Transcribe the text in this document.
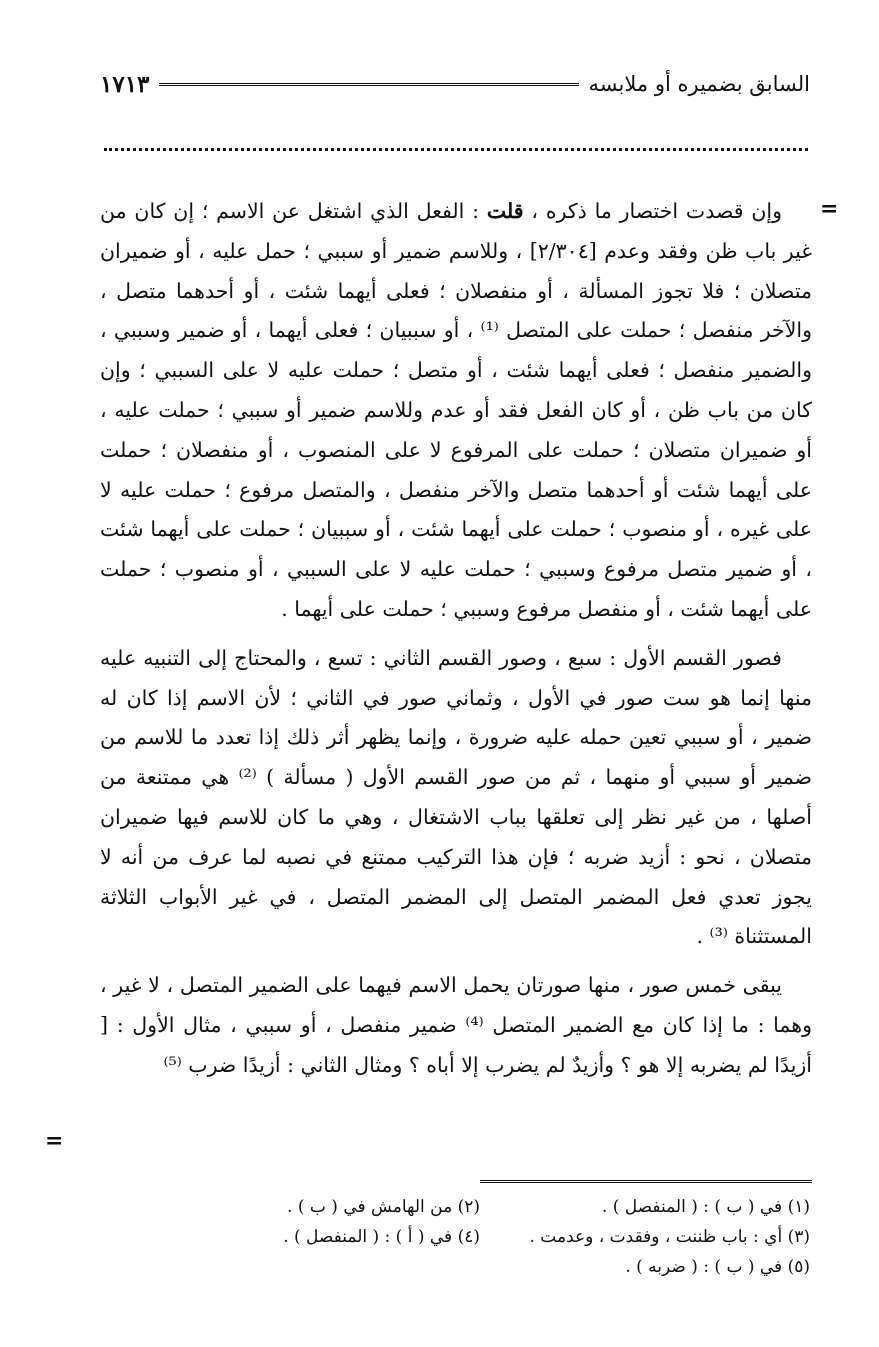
السابق بضميره أو ملابسه
١٧١٣
=

وإن قصدت اختصار ما ذكره ، قلت : الفعل الذي اشتغل عن الاسم ؛ إن كان من غير باب ظن وفقد وعدم [٢/٣٠٤] ، وللاسم ضمير أو سببي ؛ حمل عليه ، أو ضميران متصلان ؛ فلا تجوز المسألة ، أو منفصلان ؛ فعلى أيهما شئت ، أو أحدهما متصل ، والآخر منفصل ؛ حملت على المتصل ⁽¹⁾ ، أو سببيان ؛ فعلى أيهما ، أو ضمير وسببي ، والضمير منفصل ؛ فعلى أيهما شئت ، أو متصل ؛ حملت عليه لا على السببي ؛ وإن كان من باب ظن ، أو كان الفعل فقد أو عدم وللاسم ضمير أو سببي ؛ حملت عليه ، أو ضميران متصلان ؛ حملت على المرفوع لا على المنصوب ، أو منفصلان ؛ حملت على أيهما شئت أو أحدهما متصل والآخر منفصل ، والمتصل مرفوع ؛ حملت عليه لا على غيره ، أو منصوب ؛ حملت على أيهما شئت ، أو سببيان ؛ حملت على أيهما شئت ، أو ضمير متصل مرفوع وسببي ؛ حملت عليه لا على السببي ، أو منصوب ؛ حملت على أيهما شئت ، أو منفصل مرفوع وسببي ؛ حملت على أيهما .

فصور القسم الأول : سبع ، وصور القسم الثاني : تسع ، والمحتاج إلى التنبيه عليه منها إنما هو ست صور في الأول ، وثماني صور في الثاني ؛ لأن الاسم إذا كان له ضمير ، أو سببي تعين حمله عليه ضرورة ، وإنما يظهر أثر ذلك إذا تعدد ما للاسم من ضمير أو سببي أو منهما ، ثم من صور القسم الأول ( مسألة ) ⁽²⁾ هي ممتنعة من أصلها ، من غير نظر إلى تعلقها بباب الاشتغال ، وهي ما كان للاسم فيها ضميران متصلان ، نحو : أزيد ضربه ؛ فإن هذا التركيب ممتنع في نصبه لما عرف من أنه لا يجوز تعدي فعل المضمر المتصل إلى المضمر المتصل ، في غير الأبواب الثلاثة المستثناة ⁽³⁾ .

يبقى خمس صور ، منها صورتان يحمل الاسم فيهما على الضمير المتصل ، لا غير ، وهما : ما إذا كان مع الضمير المتصل ⁽⁴⁾ ضمير منفصل ، أو سببي ، مثال الأول : [ أزيدًا لم يضربه إلا هو ؟ وأزيدٌ لم يضرب إلا أباه ؟ ومثال الثاني : أزيدًا ضرب ⁽⁵⁾

=
(١) في ( ب ) : ( المنفصل ) .
(٢) من الهامش في ( ب ) .
(٣) أي : باب ظننت ، وفقدت ، وعدمت .
(٤) في ( أ ) : ( المنفصل ) .
(٥) في ( ب ) : ( ضربه ) .
